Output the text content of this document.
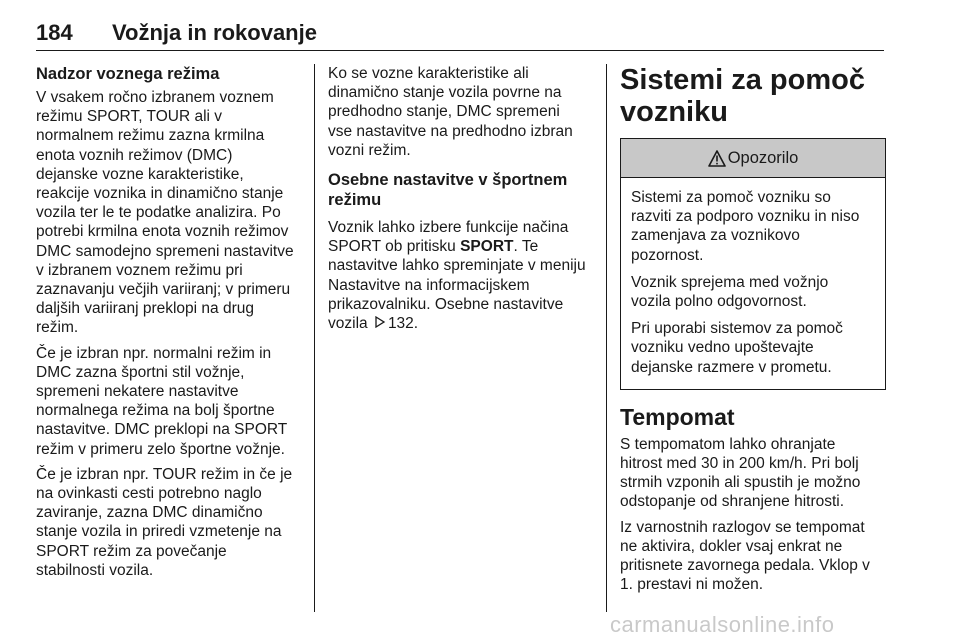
184 Vožnja in rokovanje
Nadzor voznega režima

V vsakem ročno izbranem voznem
režimu SPORT, TOUR ali v
normalnem režimu zazna krmilna
enota voznih režimov (DMC)
dejanske vozne karakteristike,
reakcije voznika in dinamično stanje
vozila ter le te podatke analizira. Po
potrebi krmilna enota voznih režimov
DMC samodejno spremeni nastavitve
v izbranem voznem režimu pri
zaznavanju večjih variiranj; v primeru
daljših variiranj preklopi na drug
režim.

Če je izbran npr. normalni režim in
DMC zazna športni stil vožnje,
spremeni nekatere nastavitve
normalnega režima na bolj športne
nastavitve. DMC preklopi na SPORT
režim v primeru zelo športne vožnje.

Če je izbran npr. TOUR režim in če je
na ovinkasti cesti potrebno naglo
zaviranje, zazna DMC dinamično
stanje vozila in priredi vzmetenje na
SPORT režim za povečanje
stabilnosti vozila.

Ko se vozne karakteristike ali
dinamično stanje vozila povrne na
predhodno stanje, DMC spremeni
vse nastavitve na predhodno izbran
vozni režim.

Osebne nastavitve v športnem
režimu

Voznik lahko izbere funkcije načina
SPORT ob pritisku SPORT. Te
nastavitve lahko spreminjate v meniju
Nastavitve na informacijskem
prikazovalniku. Osebne nastavitve
vozila 132.

Sistemi za pomoč
vozniku
Opozorilo

Sistemi za pomoč vozniku so
razviti za podporo vozniku in niso
zamenjava za voznikovo
pozornost.

Voznik sprejema med vožnjo
vozila polno odgovornost.

Pri uporabi sistemov za pomoč
vozniku vedno upoštevajte
dejanske razmere v prometu.

Tempomat

S tempomatom lahko ohranjate
hitrost med 30 in 200 km/h. Pri bolj
strmih vzponih ali spustih je možno
odstopanje od shranjene hitrosti.

Iz varnostnih razlogov se tempomat
ne aktivira, dokler vsaj enkrat ne
pritisnete zavornega pedala. Vklop v
1. prestavi ni možen.

carmanualsonline.info
